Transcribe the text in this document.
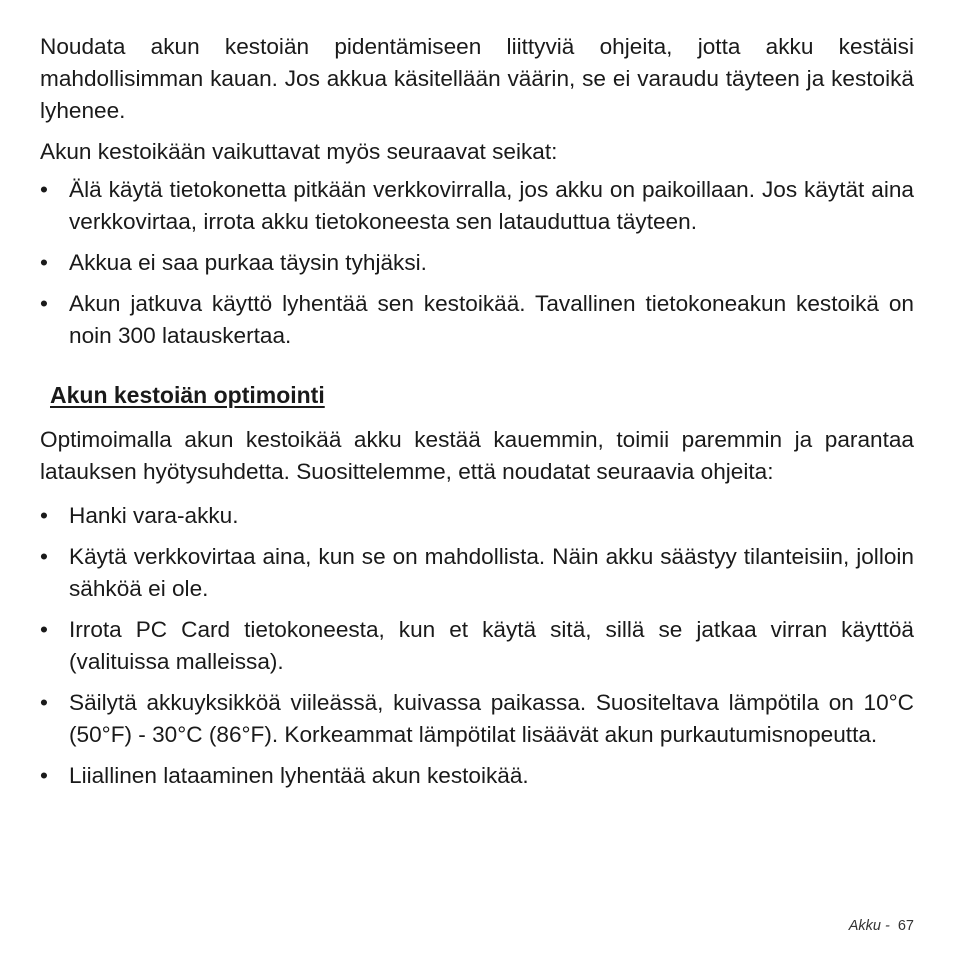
Noudata akun kestoiän pidentämiseen liittyviä ohjeita, jotta akku kestäisi mahdollisimman kauan. Jos akkua käsitellään väärin, se ei varaudu täyteen ja kestoikä lyhenee.

Akun kestoikään vaikuttavat myös seuraavat seikat:

• Älä käytä tietokonetta pitkään verkkovirralla, jos akku on paikoillaan. Jos käytät aina verkkovirtaa, irrota akku tietokoneesta sen latauduttua täyteen.
• Akkua ei saa purkaa täysin tyhjäksi.
• Akun jatkuva käyttö lyhentää sen kestoikää. Tavallinen tietokoneakun kestoikä on noin 300 latauskertaa.
Akun kestoiän optimointi

Optimoimalla akun kestoikää akku kestää kauemmin, toimii paremmin ja parantaa latauksen hyötysuhdetta. Suosittelemme, että noudatat seuraavia ohjeita:

• Hanki vara-akku.
• Käytä verkkovirtaa aina, kun se on mahdollista. Näin akku säästyy tilanteisiin, jolloin sähköä ei ole.
• Irrota PC Card tietokoneesta, kun et käytä sitä, sillä se jatkaa virran käyttöä (valituissa malleissa).
• Säilytä akkuyksikköä viileässä, kuivassa paikassa. Suositeltava lämpötila on 10°C (50°F) - 30°C (86°F). Korkeammat lämpötilat lisäävät akun purkautumisnopeutta.
• Liiallinen lataaminen lyhentää akun kestoikää.
Akku - 67
